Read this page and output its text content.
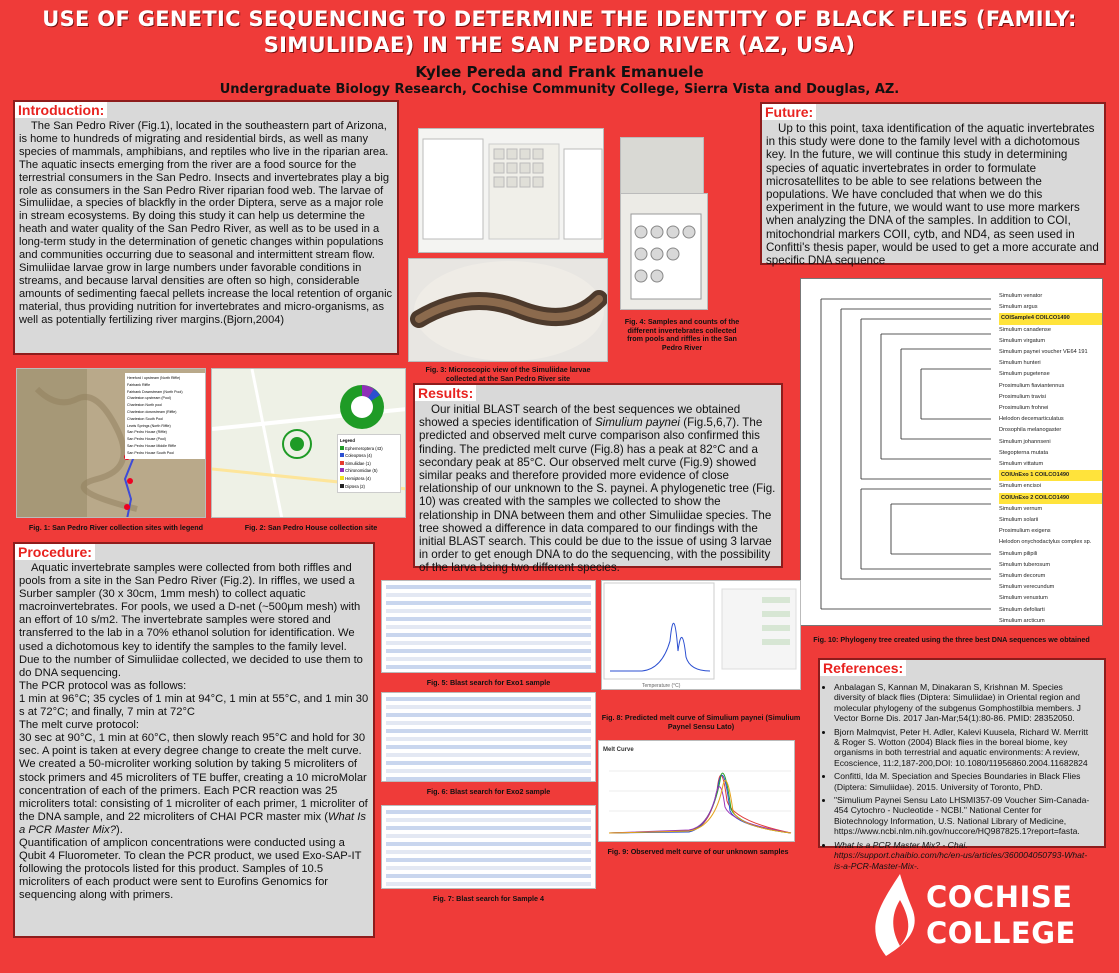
USE OF GENETIC SEQUENCING TO DETERMINE THE IDENTITY OF BLACK FLIES (FAMILY:
SIMULIIDAE) IN THE SAN PEDRO RIVER (AZ, USA)
Kylee Pereda and Frank Emanuele
Undergraduate Biology Research, Cochise Community College, Sierra Vista and Douglas, AZ.
Introduction:

The San Pedro River (Fig.1), located in the southeastern part of Arizona, is home to hundreds of migrating and residential birds, as well as many species of mammals, amphibians, and reptiles who live in the riparian area. The aquatic insects emerging from the river are a food source for the terrestrial consumers in the San Pedro. Insects and invertebrates play a big role as consumers in the San Pedro River riparian food web. The larvae of Simuliidae, a species of blackfly in the order Diptera, serve as a major role in stream ecosystems. By doing this study it can help us determine the heath and water quality of the San Pedro River, as well as to be used in a long-term study in the determination of genetic changes within populations and communities occurring due to seasonal and intermittent stream flow. Simuliidae larvae grow in large numbers under favorable conditions in streams, and because larval densities are often so high, considerable amounts of sedimenting faecal pellets increase the local retention of organic material, thus providing nutrition for invertebrates and micro-organisms, as well as potentially fertilizing river margins.(Bjorn,2004)

Hereford / upstream (North Riffle)
Fairbank Riffle
Fairbank Downstream (North Pool)
Charleston upstream (Pool)
Charleston North pool
Charleston downstream (Riffle)
Charleston South Pool
Lewis Springs (North Riffle)
San Pedro House (Riffle)
San Pedro House (Pool)
San Pedro House Middle Riffle
San Pedro House South Pool
Fig. 1: San Pedro River collection sites with legend
Legend
Ephemeroptera (43)
Coleoptera (4)
Simuliidae (1)
Chironomidae (5)
Hemiptera (4)
Diptera (2)
Fig. 2: San Pedro House collection site
Fig. 3: Microscopic view of the Simuliidae larvae collected at the San Pedro River site
Fig. 4: Samples and counts of the different invertebrates collected from pools and riffles in the San Pedro River
Future:

Up to this point, taxa identification of the aquatic invertebrates in this study were done to the family level with a dichotomous key. In the future, we will continue this study in determining species of aquatic invertebrates in order to formulate microsatellites to be able to see relations between the populations. We have concluded that when we do this experiment in the future, we would want to use more markers when analyzing the DNA of the samples. In addition to COI, mitochondrial markers COII, cytb, and ND4, as seen used in Confitti's thesis paper, would be used to get a more accurate and specific DNA sequence

Simulium venator
Simulium argus
COISample4 COILCO1490
Simulium canadense
Simulium virgatum
Simulium paynei voucher VE64 191
Simulium hunteri
Simulium pugetense
Prosimulium fiaviantennus
Prosimulium travisi
Prosimulium frohnei
Helodon decemarticulatus
Drosophila melanogaster
Simulium johannseni
Stegopterna mutata
Simulium vittatum
COIUnExo 1 COILCO1490
Simulium encisoi
COIUnExo 2 COILCO1490
Simulium vernum
Simulium solarii
Prosimulium exigens
Helodon onychodactylus complex sp.
Simulium pilipili
Simulium tuberosum
Simulium decorum
Simulium verecundum
Simulium venustum
Simulium defoliarti
Simulium arcticum
Fig. 10: Phylogeny tree created using the three best DNA sequences we obtained
Results:

Our initial BLAST search of the best sequences we obtained showed a species identification of Simulium paynei (Fig.5,6,7). The predicted and observed melt curve comparison also confirmed this finding. The predicted melt curve (Fig.8) has a peak at 82°C and a secondary peak at 85°C. Our observed melt curve (Fig.9) showed similar peaks and therefore provided more evidence of close relationship of our unknown to the S. paynei. A phylogenetic tree (Fig. 10) was created with the samples we collected to show the relationship in DNA between them and other Simuliidae species. The tree showed a difference in data compared to our findings with the initial BLAST search. This could be due to the issue of using 3 larvae in order to get enough DNA to do the sequencing, with the possibility of the larva being two different species.

Procedure:

Aquatic invertebrate samples were collected from both riffles and pools from a site in the San Pedro River (Fig.2). In riffles, we used a Surber sampler (30 x 30cm, 1mm mesh) to collect aquatic macroinvertebrates. For pools, we used a D-net (~500μm mesh) with an effort of 10 s/m2. The invertebrate samples were stored and transferred to the lab in a 70% ethanol solution for identification. We used a dichotomous key to identify the samples to the family level. Due to the number of Simuliidae collected, we decided to use them to do DNA sequencing.

The PCR protocol was as follows:
1 min at 96°C; 35 cycles of 1 min at 94°C, 1 min at 55°C, and 1 min 30 s at 72°C; and finally, 7 min at 72°C
The melt curve protocol:
30 sec at 90°C, 1 min at 60°C, then slowly reach 95°C and hold for 30 sec. A point is taken at every degree change to create the melt curve.
We created a 50-microliter working solution by taking 5 microliters of stock primers and 45 microliters of TE buffer, creating a 10 microMolar concentration of each of the primers. Each PCR reaction was 25 microliters total: consisting of 1 microliter of each primer, 1 microliter of the DNA sample, and 22 microliters of CHAI PCR master mix (What Is a PCR Master Mix?).
Quantification of amplicon concentrations were conducted using a Qubit 4 Fluorometer. To clean the PCR product, we used Exo-SAP-IT following the protocols listed for this product. Samples of 10.5 microliters of each product were sent to Eurofins Genomics for sequencing along with primers.
Fig. 5: Blast search for Exo1 sample
Fig. 6: Blast search for Exo2 sample
Fig. 7: Blast search for Sample 4
Temperature (°C)
Fig. 8: Predicted melt curve of Simulium paynei (Simulium Paynel Sensu Lato)
Melt Curve
Fig. 9: Observed melt curve of our unknown samples
References:
• Anbalagan S, Kannan M, Dinakaran S, Krishnan M. Species diversity of black flies (Diptera: Simuliidae) in Oriental region and molecular phylogeny of the subgenus Gomphostilbia members. J Vector Borne Dis. 2017 Jan-Mar;54(1):80-86. PMID: 28352050.
• Bjorn Malmqvist, Peter H. Adler, Kalevi Kuusela, Richard W. Merritt & Roger S. Wotton (2004) Black flies in the boreal biome, key organisms in both terrestrial and aquatic environments: A review, Ecoscience, 11:2,187-200,DOI: 10.1080/11956860.2004.11682824
• Confitti, Ida M. Speciation and Species Boundaries in Black Flies (Diptera: Simuliidae). 2015. University of Toronto, PhD.
• "Simulium Paynei Sensu Lato LHSMI357-09 Voucher Sim-Canada-454 Cytochro - Nucleotide - NCBI." National Center for Biotechnology Information, U.S. National Library of Medicine, https://www.ncbi.nlm.nih.gov/nuccore/HQ987825.1?report=fasta.
• What Is a PCR Master Mix? - Chai. https://support.chaibio.com/hc/en-us/articles/360004050793-What-is-a-PCR-Master-Mix-.
COCHISE
COLLEGE
